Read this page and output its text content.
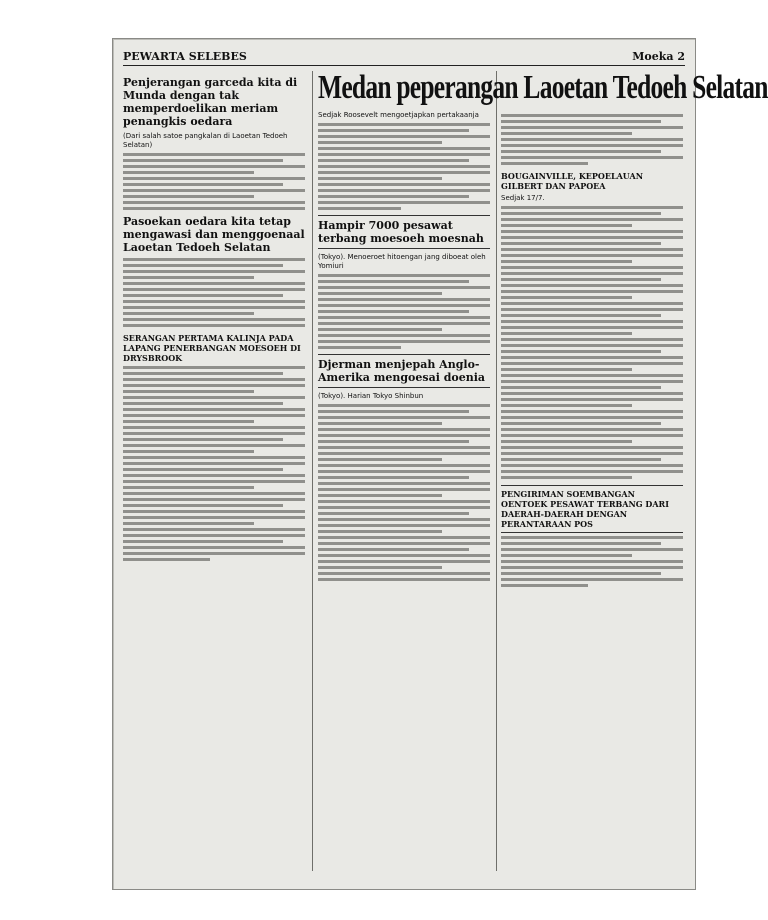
PEWARTA SELEBES	Moeka 2
Medan peperangan Laoetan Tedoeh Selatan
Penjerangan garceda kita di Munda dengan tak memperdoelikan meriam penangkis oedara
(Dari salah satoe pangkalan di Laoetan Tedoeh Selatan)
Pasoekan oedara kita tetap mengawasi dan menggoenaal Laoetan Tedoeh Selatan
SERANGAN PERTAMA KALINJA PADA LAPANG PENERBANGAN MOESOEH DI DRYSBROOK
Sedjak Roosevelt mengoetjapkan pertakaanja
Hampir 7000 pesawat terbang moesoeh moesnah
(Tokyo). Menoeroet hitoengan jang diboeat oleh Yomiuri
Djerman menjepah Anglo-Amerika mengoesai doenia
(Tokyo). Harian Tokyo Shinbun
BOUGAINVILLE, KEPOELAUAN GILBERT DAN PAPOEA
Sedjak 17/7.
PENGIRIMAN SOEMBANGAN OENTOEK PESAWAT TERBANG DARI DAERAH-DAERAH DENGAN PERANTARAAN POS
